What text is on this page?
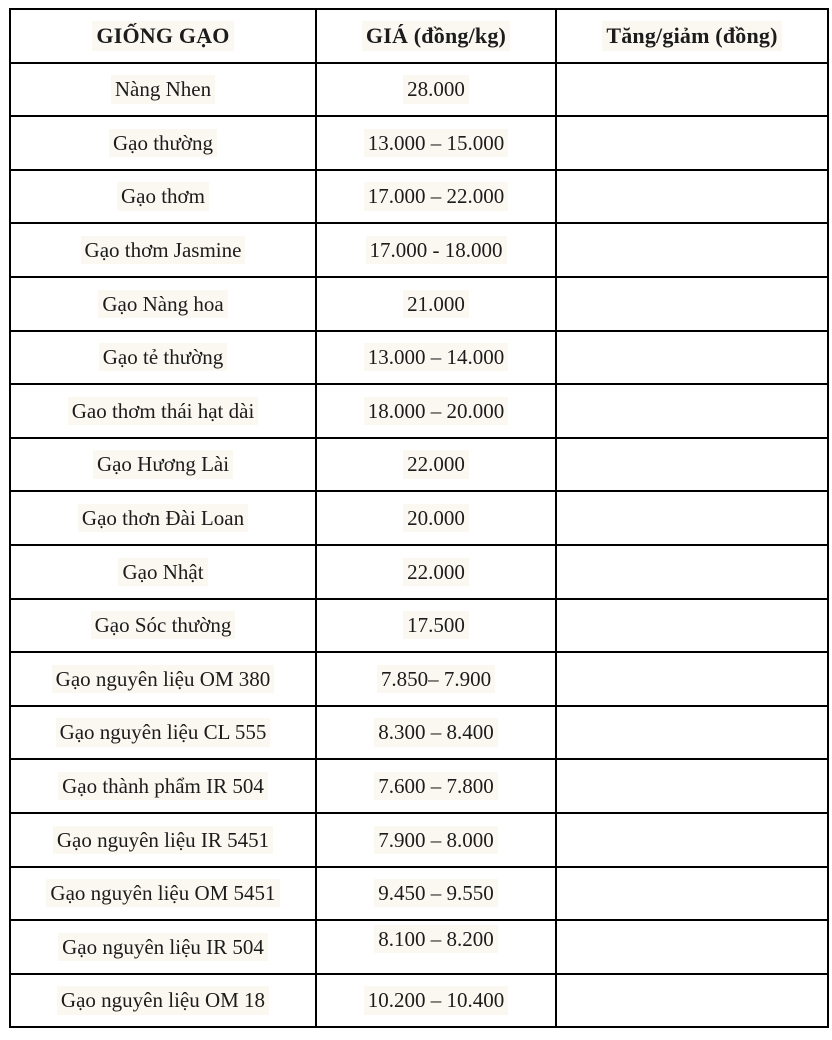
GIỐNG GẠO	GIÁ (đồng/kg)	Tăng/giảm (đồng)
Nàng Nhen	28.000	
Gạo thường	13.000 – 15.000	
Gạo thơm	17.000 – 22.000	
Gạo thơm Jasmine	17.000 - 18.000	
Gạo Nàng hoa	21.000	
Gạo tẻ thường	13.000 – 14.000	
Gao thơm thái hạt dài	18.000 – 20.000	
Gạo Hương Lài	22.000	
Gạo thơn Đài Loan	20.000	
Gạo Nhật	22.000	
Gạo Sóc thường	17.500	
Gạo nguyên liệu OM 380	7.850– 7.900	
Gạo nguyên liệu CL 555	8.300 – 8.400	
Gạo thành phẩm IR 504	7.600 – 7.800	
Gạo nguyên liệu IR 5451	7.900 – 8.000	
Gạo nguyên liệu OM 5451	9.450 – 9.550	
Gạo nguyên liệu IR 504	8.100 – 8.200	
Gạo nguyên liệu OM 18	10.200 – 10.400	
